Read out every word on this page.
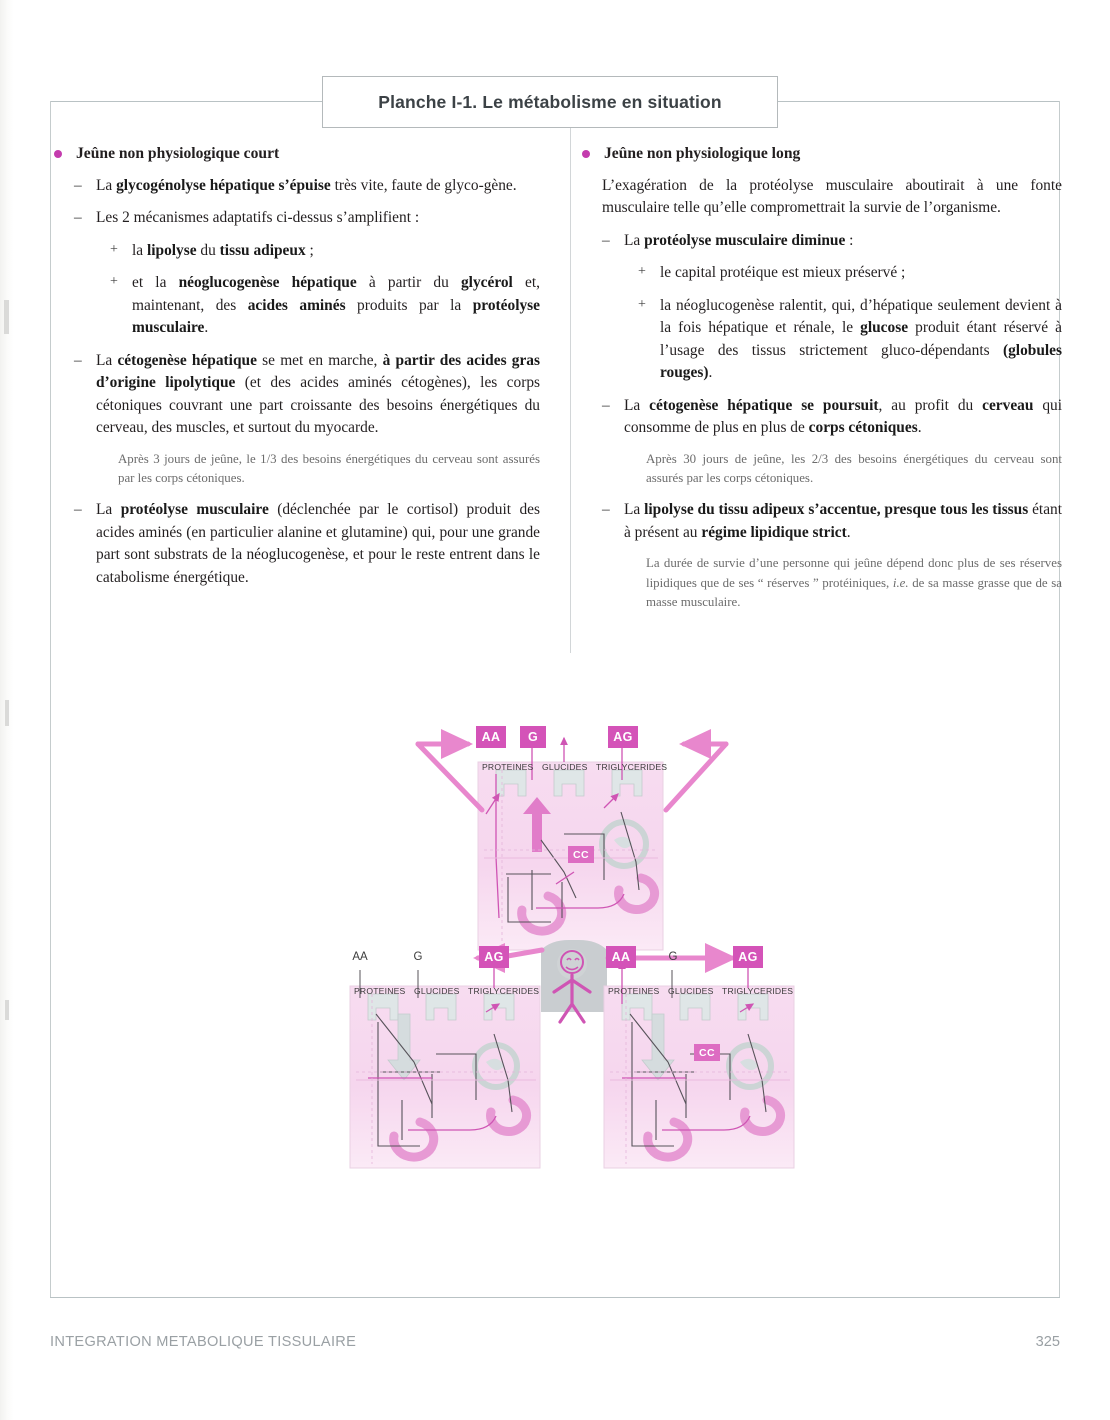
Planche I-1. Le métabolisme en situation
Jeûne non physiologique court
– La glycogénolyse hépatique s’épuise très vite, faute de glyco-gène.
– Les 2 mécanismes adaptatifs ci-dessus s’amplifient :
+ la lipolyse du tissu adipeux ;
+ et la néoglucogenèse hépatique à partir du glycérol et, maintenant, des acides aminés produits par la protéolyse musculaire.
– La cétogenèse hépatique se met en marche, à partir des acides gras d’origine lipolytique (et des acides aminés cétogènes), les corps cétoniques couvrant une part croissante des besoins énergétiques du cerveau, des muscles, et surtout du myocarde.
Après 3 jours de jeûne, le 1/3 des besoins énergétiques du cerveau sont assurés par les corps cétoniques.
– La protéolyse musculaire (déclenchée par le cortisol) produit des acides aminés (en particulier alanine et glutamine) qui, pour une grande part sont substrats de la néoglucogenèse, et pour le reste entrent dans le catabolisme énergétique.
Jeûne non physiologique long
L’exagération de la protéolyse musculaire aboutirait à une fonte musculaire telle qu’elle compromettrait la survie de l’organisme.
– La protéolyse musculaire diminue :
+ le capital protéique est mieux préservé ;
+ la néoglucogenèse ralentit, qui, d’hépatique seulement devient à la fois hépatique et rénale, le glucose produit étant réservé à l’usage des tissus strictement gluco-dépendants (globules rouges).
– La cétogenèse hépatique se poursuit, au profit du cerveau qui consomme de plus en plus de corps cétoniques.
Après 30 jours de jeûne, les 2/3 des besoins énergétiques du cerveau sont assurés par les corps cétoniques.
– La lipolyse du tissu adipeux s’accentue, presque tous les tissus étant à présent au régime lipidique strict.
La durée de survie d’une personne qui jeûne dépend donc plus de ses réserves lipidiques que de ses “ réserves ” protéiniques, i.e. de sa masse grasse que de sa masse musculaire.
AA	G	AG
PROTEINES GLUCIDES TRIGLYCERIDES
CC
AA	G	AG
PROTEINES GLUCIDES TRIGLYCERIDES
AA	G	AG
PROTEINES GLUCIDES TRIGLYCERIDES
CC
INTEGRATION METABOLIQUE TISSULAIRE	325
